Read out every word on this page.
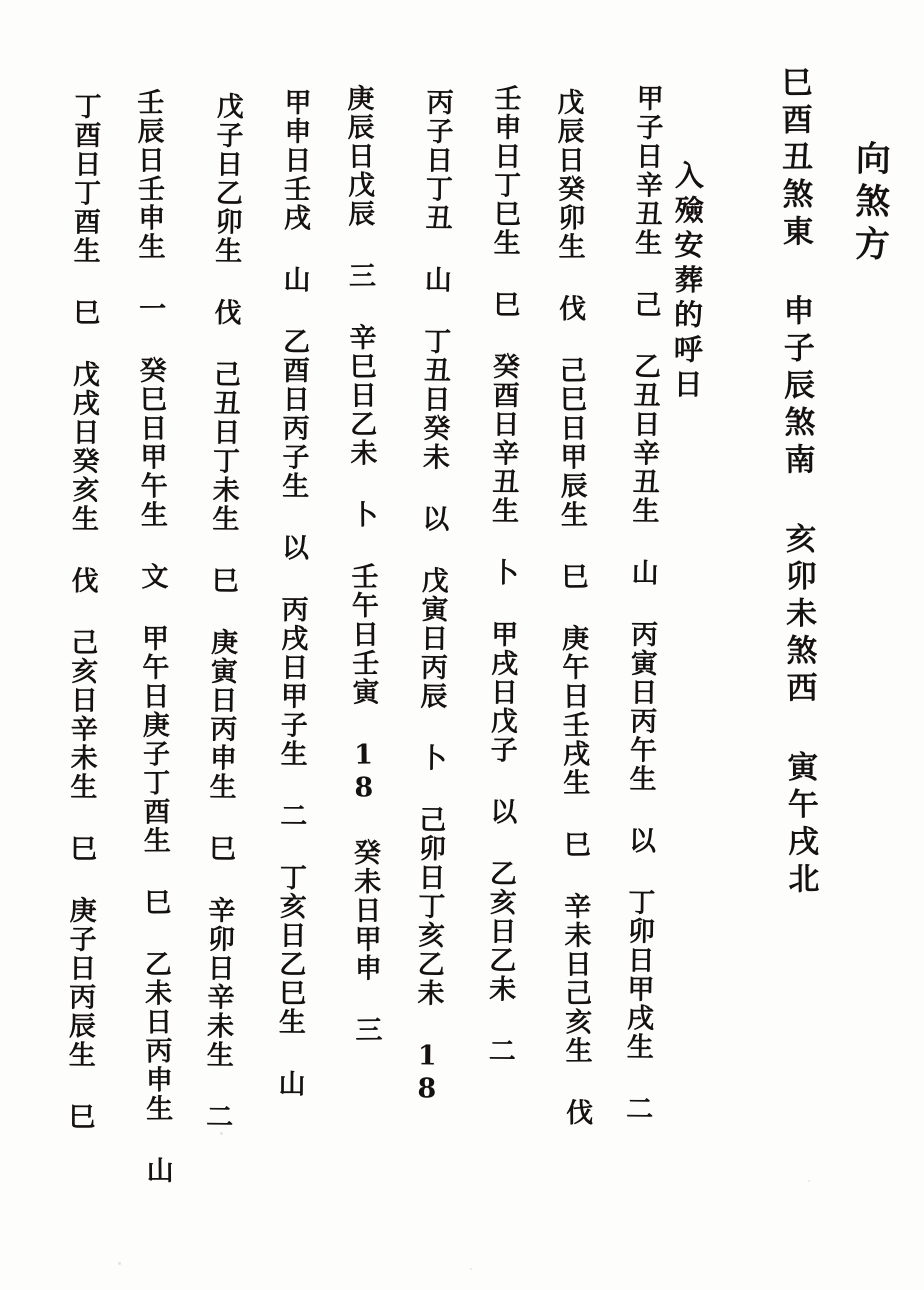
向煞方
巳酉丑煞東 申子辰煞南 亥卯未煞西 寅午戌北
入殮安葬的呼日
甲子日辛丑生 己 乙丑日辛丑生 山 丙寅日丙午生 以 丁卯日甲戌生 二
戊辰日癸卯生 伐 己巳日甲辰生 巳 庚午日壬戌生 巳 辛未日己亥生 伐
壬申日丁巳生 巳 癸酉日辛丑生 卜 甲戌日戊子 以 乙亥日乙未 二
丙子日丁丑 山 丁丑日癸未 以 戊寅日丙辰 卜 己卯日丁亥乙未 18
庚辰日戊辰 三 辛巳日乙未 卜 壬午日壬寅 18 癸未日甲申 三
甲申日壬戌 山 乙酉日丙子生 以 丙戌日甲子生 二 丁亥日乙巳生 山
戊子日乙卯生 伐 己丑日丁未生 巳 庚寅日丙申生 巳 辛卯日辛未生 二
壬辰日壬申生 一 癸巳日甲午生 文 甲午日庚子丁酉生 巳 乙未日丙申生 山
丁酉日丁酉生 巳 戊戌日癸亥生 伐 己亥日辛未生 巳 庚子日丙辰生 巳
